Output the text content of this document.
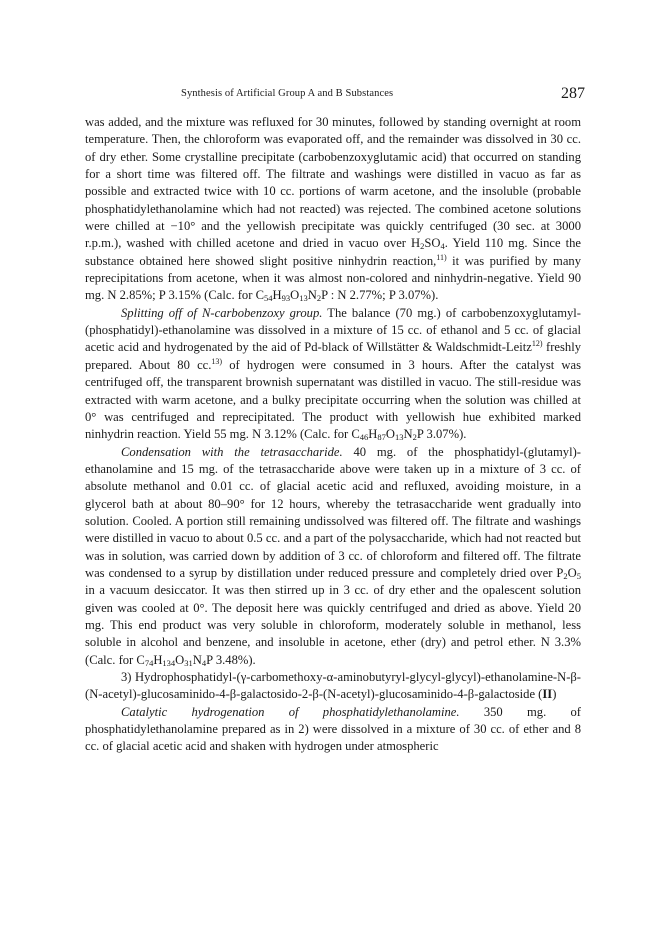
Synthesis of Artificial Group A and B Substances	287

was added, and the mixture was refluxed for 30 minutes, followed by standing overnight at room temperature. Then, the chloroform was evaporated off, and the remainder was dissolved in 30 cc. of dry ether. Some crystalline precipitate (carbobenzoxyglutamic acid) that occurred on standing for a short time was filtered off. The filtrate and washings were distilled in vacuo as far as possible and extracted twice with 10 cc. portions of warm acetone, and the insoluble (probable phosphatidylethanolamine which had not reacted) was rejected. The combined acetone solutions were chilled at −10° and the yellowish precipitate was quickly centrifuged (30 sec. at 3000 r.p.m.), washed with chilled acetone and dried in vacuo over $H_2SO_4$. Yield 110 mg. Since the substance obtained here showed slight positive ninhydrin reaction,$^{11)}$ it was purified by many reprecipitations from acetone, when it was almost non-colored and ninhydrin-negative. Yield 90 mg. N 2.85%; P 3.15% (Calc. for $C_{54}H_{93}O_{13}N_2P$ : N 2.77%; P 3.07%).

Splitting off of N-carbobenzoxy group. The balance (70 mg.) of carbobenzoxyglutamyl-(phosphatidyl)-ethanolamine was dissolved in a mixture of 15 cc. of ethanol and 5 cc. of glacial acetic acid and hydrogenated by the aid of Pd-black of Willstätter & Waldschmidt-Leitz$^{12)}$ freshly prepared. About 80 cc.$^{13)}$ of hydrogen were consumed in 3 hours. After the catalyst was centrifuged off, the transparent brownish supernatant was distilled in vacuo. The still-residue was extracted with warm acetone, and a bulky precipitate occurring when the solution was chilled at 0° was centrifuged and reprecipitated. The product with yellowish hue exhibited marked ninhydrin reaction. Yield 55 mg. N 3.12% (Calc. for $C_{46}H_{87}O_{13}N_2P$ 3.07%).

Condensation with the tetrasaccharide. 40 mg. of the phosphatidyl-(glutamyl)-ethanolamine and 15 mg. of the tetrasaccharide above were taken up in a mixture of 3 cc. of absolute methanol and 0.01 cc. of glacial acetic acid and refluxed, avoiding moisture, in a glycerol bath at about 80–90° for 12 hours, whereby the tetrasaccharide went gradually into solution. Cooled. A portion still remaining undissolved was filtered off. The filtrate and washings were distilled in vacuo to about 0.5 cc. and a part of the polysaccharide, which had not reacted but was in solution, was carried down by addition of 3 cc. of chloroform and filtered off. The filtrate was condensed to a syrup by distillation under reduced pressure and completely dried over $P_2O_5$ in a vacuum desiccator. It was then stirred up in 3 cc. of dry ether and the opalescent solution given was cooled at 0°. The deposit here was quickly centrifuged and dried as above. Yield 20 mg. This end product was very soluble in chloroform, moderately soluble in methanol, less soluble in alcohol and benzene, and insoluble in acetone, ether (dry) and petrol ether. N 3.3% (Calc. for $C_{74}H_{134}O_{31}N_4P$ 3.48%).

3) Hydrophosphatidyl-(γ-carbomethoxy-α-aminobutyryl-glycyl-glycyl)-ethanolamine-N-β-(N-acetyl)-glucosaminido-4-β-galactosido-2-β-(N-acetyl)-glucosaminido-4-β-galactoside (II)

Catalytic hydrogenation of phosphatidylethanolamine. 350 mg. of phosphatidylethanolamine prepared as in 2) were dissolved in a mixture of 30 cc. of ether and 8 cc. of glacial acetic acid and shaken with hydrogen under atmospheric
